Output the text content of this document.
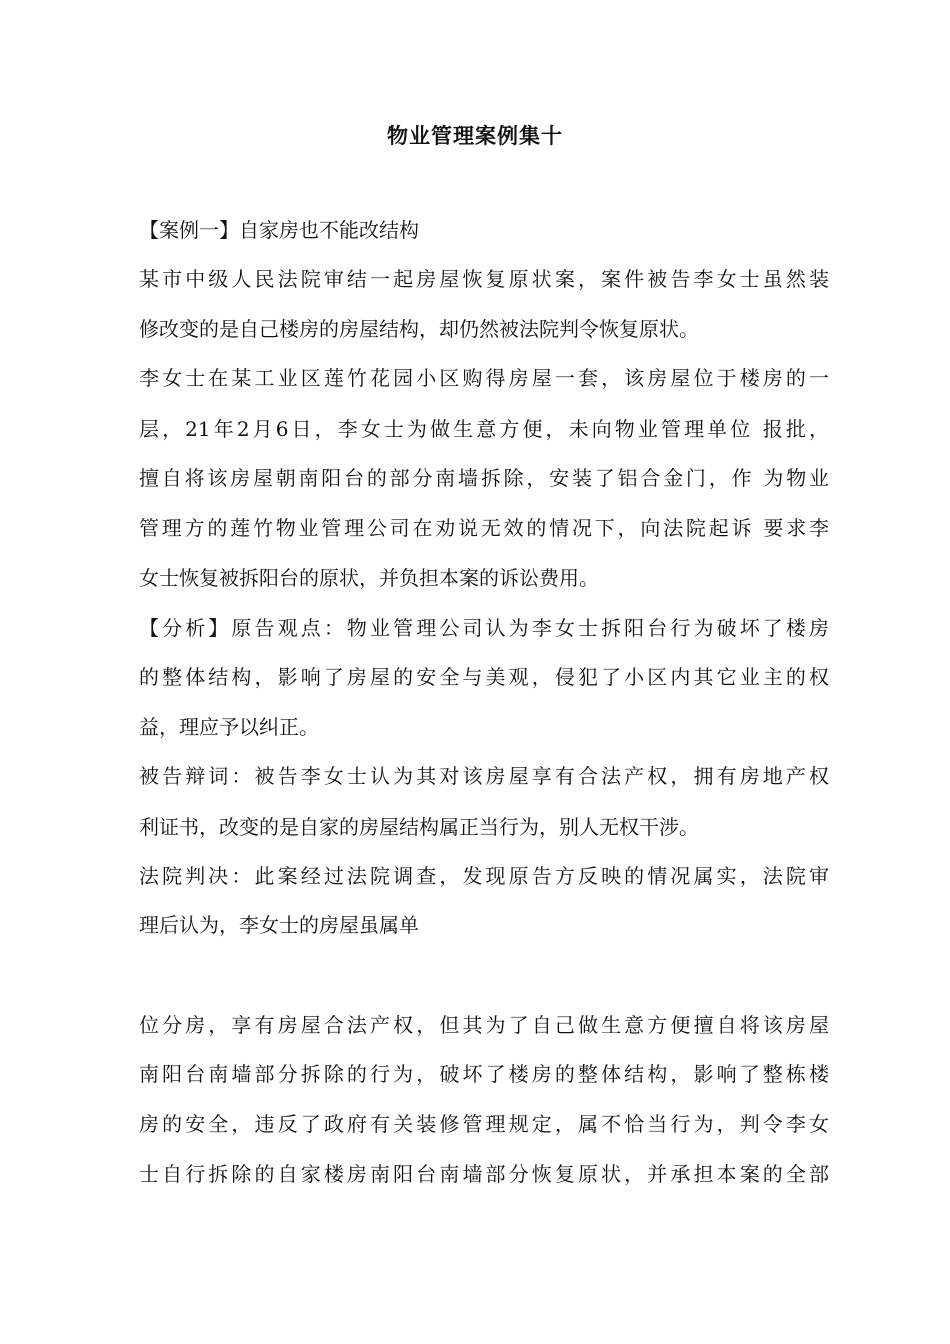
物业管理案例集十
【案例一】自家房也不能改结构
某市中级人民法院审结一起房屋恢复原状案，案件被告李女士虽然装
修改变的是自己楼房的房屋结构，却仍然被法院判令恢复原状。
李女士在某工业区莲竹花园小区购得房屋一套，该房屋位于楼房的一
层，21年2月6日，李女士为做生意方便，未向物业管理单位 报批，
擅自将该房屋朝南阳台的部分南墙拆除，安装了铝合金门，作 为物业
管理方的莲竹物业管理公司在劝说无效的情况下，向法院起诉 要求李
女士恢复被拆阳台的原状，并负担本案的诉讼费用。
【分析】原告观点：物业管理公司认为李女士拆阳台行为破坏了楼房
的整体结构，影响了房屋的安全与美观，侵犯了小区内其它业主的权
益，理应予以纠正。
被告辩词：被告李女士认为其对该房屋享有合法产权，拥有房地产权
利证书，改变的是自家的房屋结构属正当行为，别人无权干涉。
法院判决：此案经过法院调查，发现原告方反映的情况属实，法院审
理后认为，李女士的房屋虽属单
位分房，享有房屋合法产权，但其为了自己做生意方便擅自将该房屋
南阳台南墙部分拆除的行为，破坏了楼房的整体结构，影响了整栋楼
房的安全，违反了政府有关装修管理规定，属不恰当行为，判令李女
士自行拆除的自家楼房南阳台南墙部分恢复原状，并承担本案的全部
